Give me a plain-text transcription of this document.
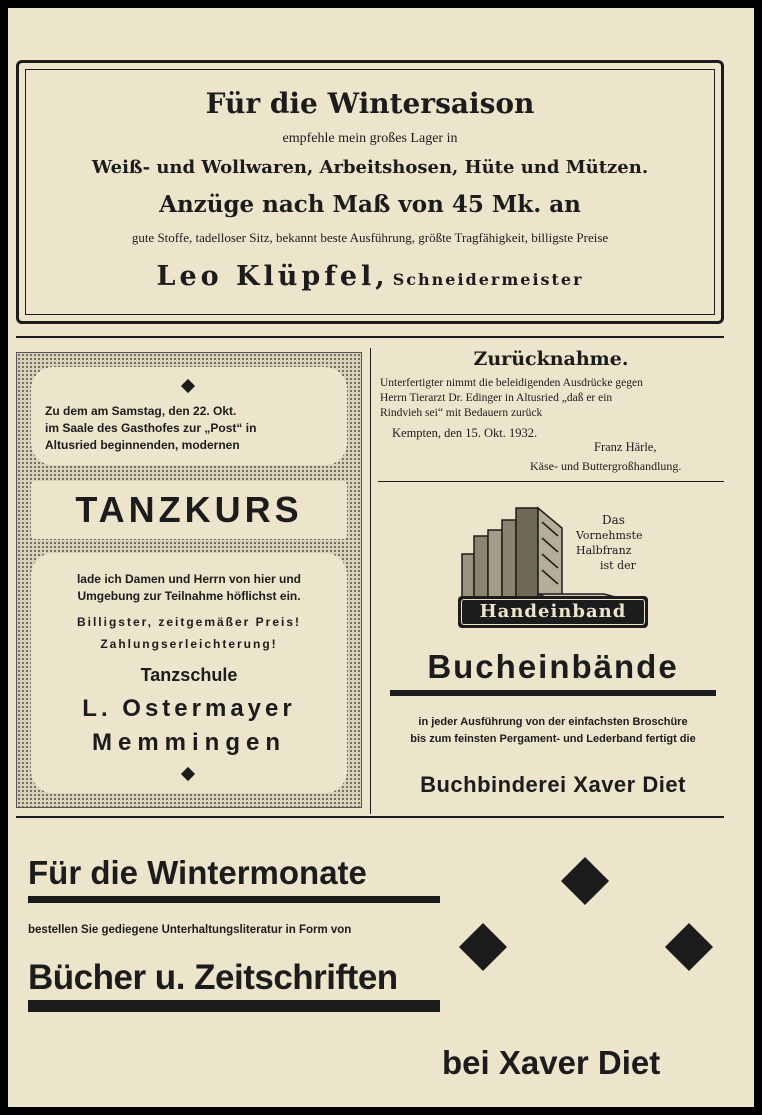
Für die Wintersaison
empfehle mein großes Lager in
Weiß- und Wollwaren, Arbeitshosen, Hüte und Mützen.
Anzüge nach Maß von 45 Mk. an
gute Stoffe, tadelloser Sitz, bekannt beste Ausführung, größte Tragfähigkeit, billigste Preise
Leo Klüpfel, Schneidermeister
Zu dem am Samstag, den 22. Okt.
im Saale des Gasthofes zur „Post“ in
Altusried beginnenden, modernen
TANZKURS
lade ich Damen und Herrn von hier und
Umgebung zur Teilnahme höflichst ein.
Billigster, zeitgemäßer Preis!
Zahlungserleichterung!
Tanzschule
L. Ostermayer
Memmingen
Zurücknahme.
Unterfertigter nimmt die beleidigenden Ausdrücke gegen
Herrn Tierarzt Dr. Edinger in Altusried „daß er ein
Rindvieh sei“ mit Bedauern zurück
Kempten, den 15. Okt. 1932.
Franz Härle,
Käse- und Buttergroßhandlung.
Das
Vornehmste
Halbfranz
ist der
Handeinband
Bucheinbände
in jeder Ausführung von der einfachsten Broschüre
bis zum feinsten Pergament- und Lederband fertigt die
Buchbinderei Xaver Diet
Für die Wintermonate
bestellen Sie gediegene Unterhaltungsliteratur in Form von
Bücher u. Zeitschriften
bei Xaver Diet
